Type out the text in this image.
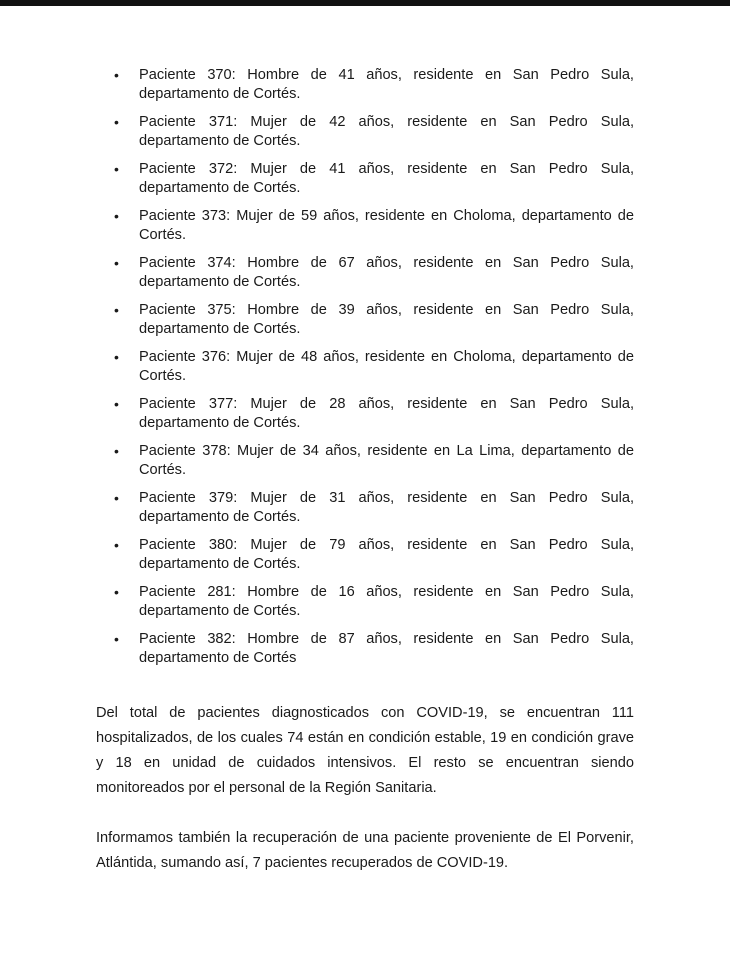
•	Paciente 370: Hombre de 41 años, residente en San Pedro Sula, departamento de Cortés.
•	Paciente 371: Mujer de 42 años, residente en San Pedro Sula, departamento de Cortés.
•	Paciente 372: Mujer de 41 años, residente en San Pedro Sula, departamento de Cortés.
•	Paciente 373: Mujer de 59 años, residente en Choloma, departamento de Cortés.
•	Paciente 374: Hombre de 67 años, residente en San Pedro Sula, departamento de Cortés.
•	Paciente 375: Hombre de 39 años, residente en San Pedro Sula, departamento de Cortés.
•	Paciente 376: Mujer de 48 años, residente en Choloma, departamento de Cortés.
•	Paciente 377: Mujer de 28 años, residente en San Pedro Sula, departamento de Cortés.
•	Paciente 378: Mujer de 34 años, residente en La Lima, departamento de Cortés.
•	Paciente 379: Mujer de 31 años, residente en San Pedro Sula, departamento de Cortés.
•	Paciente 380: Mujer de 79 años, residente en San Pedro Sula, departamento de Cortés.
•	Paciente 281: Hombre de 16 años, residente en San Pedro Sula, departamento de Cortés.
•	Paciente 382: Hombre de 87 años, residente en San Pedro Sula, departamento de Cortés

Del total de pacientes diagnosticados con COVID-19, se encuentran 111 hospitalizados, de los cuales 74 están en condición estable, 19 en condición grave y 18 en unidad de cuidados intensivos. El resto se encuentran siendo monitoreados por el personal de la Región Sanitaria.

Informamos también la recuperación de una paciente proveniente de El Porvenir, Atlántida, sumando así, 7 pacientes recuperados de COVID-19.
